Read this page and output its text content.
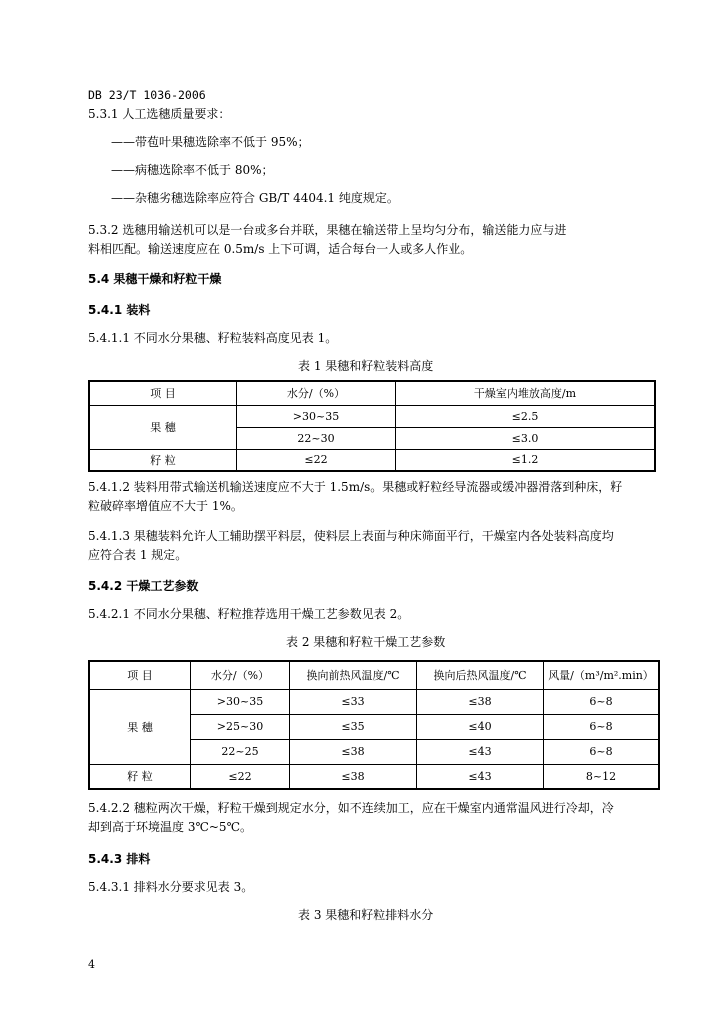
DB 23/T 1036-2006
5.3.1 人工选穗质量要求：
——带苞叶果穗选除率不低于 95%；
——病穗选除率不低于 80%；
——杂穗劣穗选除率应符合 GB/T 4404.1 纯度规定。
5.3.2 选穗用输送机可以是一台或多台并联，果穗在输送带上呈均匀分布，输送能力应与进
料相匹配。输送速度应在 0.5m/s 上下可调，适合每台一人或多人作业。
5.4 果穗干燥和籽粒干燥
5.4.1 装料
5.4.1.1 不同水分果穗、籽粒装料高度见表 1。
表 1 果穗和籽粒装料高度
项 目	水分/（%）	干燥室内堆放高度/m
果 穗	>30~35	≤2.5
	22~30	≤3.0
籽 粒	≤22	≤1.2
5.4.1.2 装料用带式输送机输送速度应不大于 1.5m/s。果穗或籽粒经导流器或缓冲器滑落到种床，籽
粒破碎率增值应不大于 1%。
5.4.1.3 果穗装料允许人工辅助摆平料层，使料层上表面与种床筛面平行，干燥室内各处装料高度均
应符合表 1 规定。
5.4.2 干燥工艺参数
5.4.2.1 不同水分果穗、籽粒推荐选用干燥工艺参数见表 2。
表 2 果穗和籽粒干燥工艺参数
项 目	水分/（%）	换向前热风温度/℃	换向后热风温度/℃	风量/（m³/m².min）
果 穗	>30~35	≤33	≤38	6~8
	>25~30	≤35	≤40	6~8
	22~25	≤38	≤43	6~8
籽 粒	≤22	≤38	≤43	8~12
5.4.2.2 穗粒两次干燥，籽粒干燥到规定水分，如不连续加工，应在干燥室内通常温风进行冷却，冷
却到高于环境温度 3℃~5℃。
5.4.3 排料
5.4.3.1 排料水分要求见表 3。
表 3 果穗和籽粒排料水分
4
